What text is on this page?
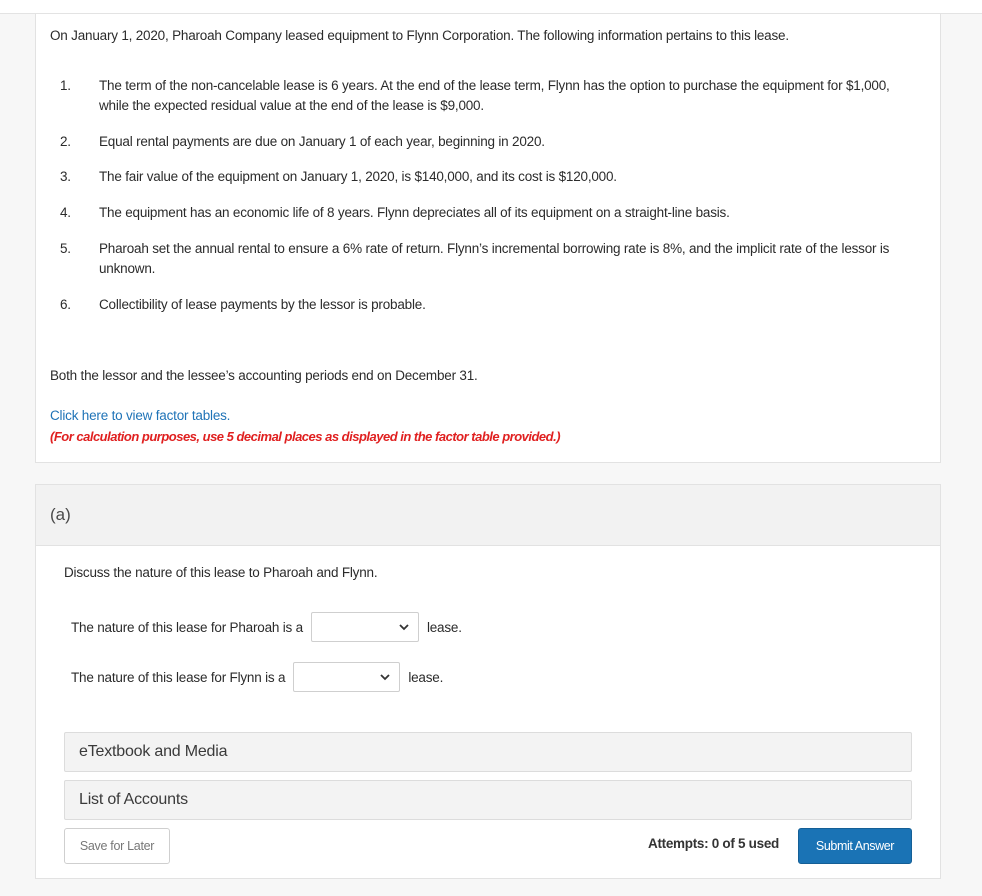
On January 1, 2020, Pharoah Company leased equipment to Flynn Corporation. The following information pertains to this lease.
1. The term of the non-cancelable lease is 6 years. At the end of the lease term, Flynn has the option to purchase the equipment for $1,000, while the expected residual value at the end of the lease is $9,000.
2. Equal rental payments are due on January 1 of each year, beginning in 2020.
3. The fair value of the equipment on January 1, 2020, is $140,000, and its cost is $120,000.
4. The equipment has an economic life of 8 years. Flynn depreciates all of its equipment on a straight-line basis.
5. Pharoah set the annual rental to ensure a 6% rate of return. Flynn’s incremental borrowing rate is 8%, and the implicit rate of the lessor is unknown.
6. Collectibility of lease payments by the lessor is probable.
Both the lessor and the lessee’s accounting periods end on December 31.
Click here to view factor tables.
(For calculation purposes, use 5 decimal places as displayed in the factor table provided.)
(a)
Discuss the nature of this lease to Pharoah and Flynn.
The nature of this lease for Pharoah is a	lease.
The nature of this lease for Flynn is a	lease.
eTextbook and Media
List of Accounts
Save for Later	Attempts: 0 of 5 used	Submit Answer
